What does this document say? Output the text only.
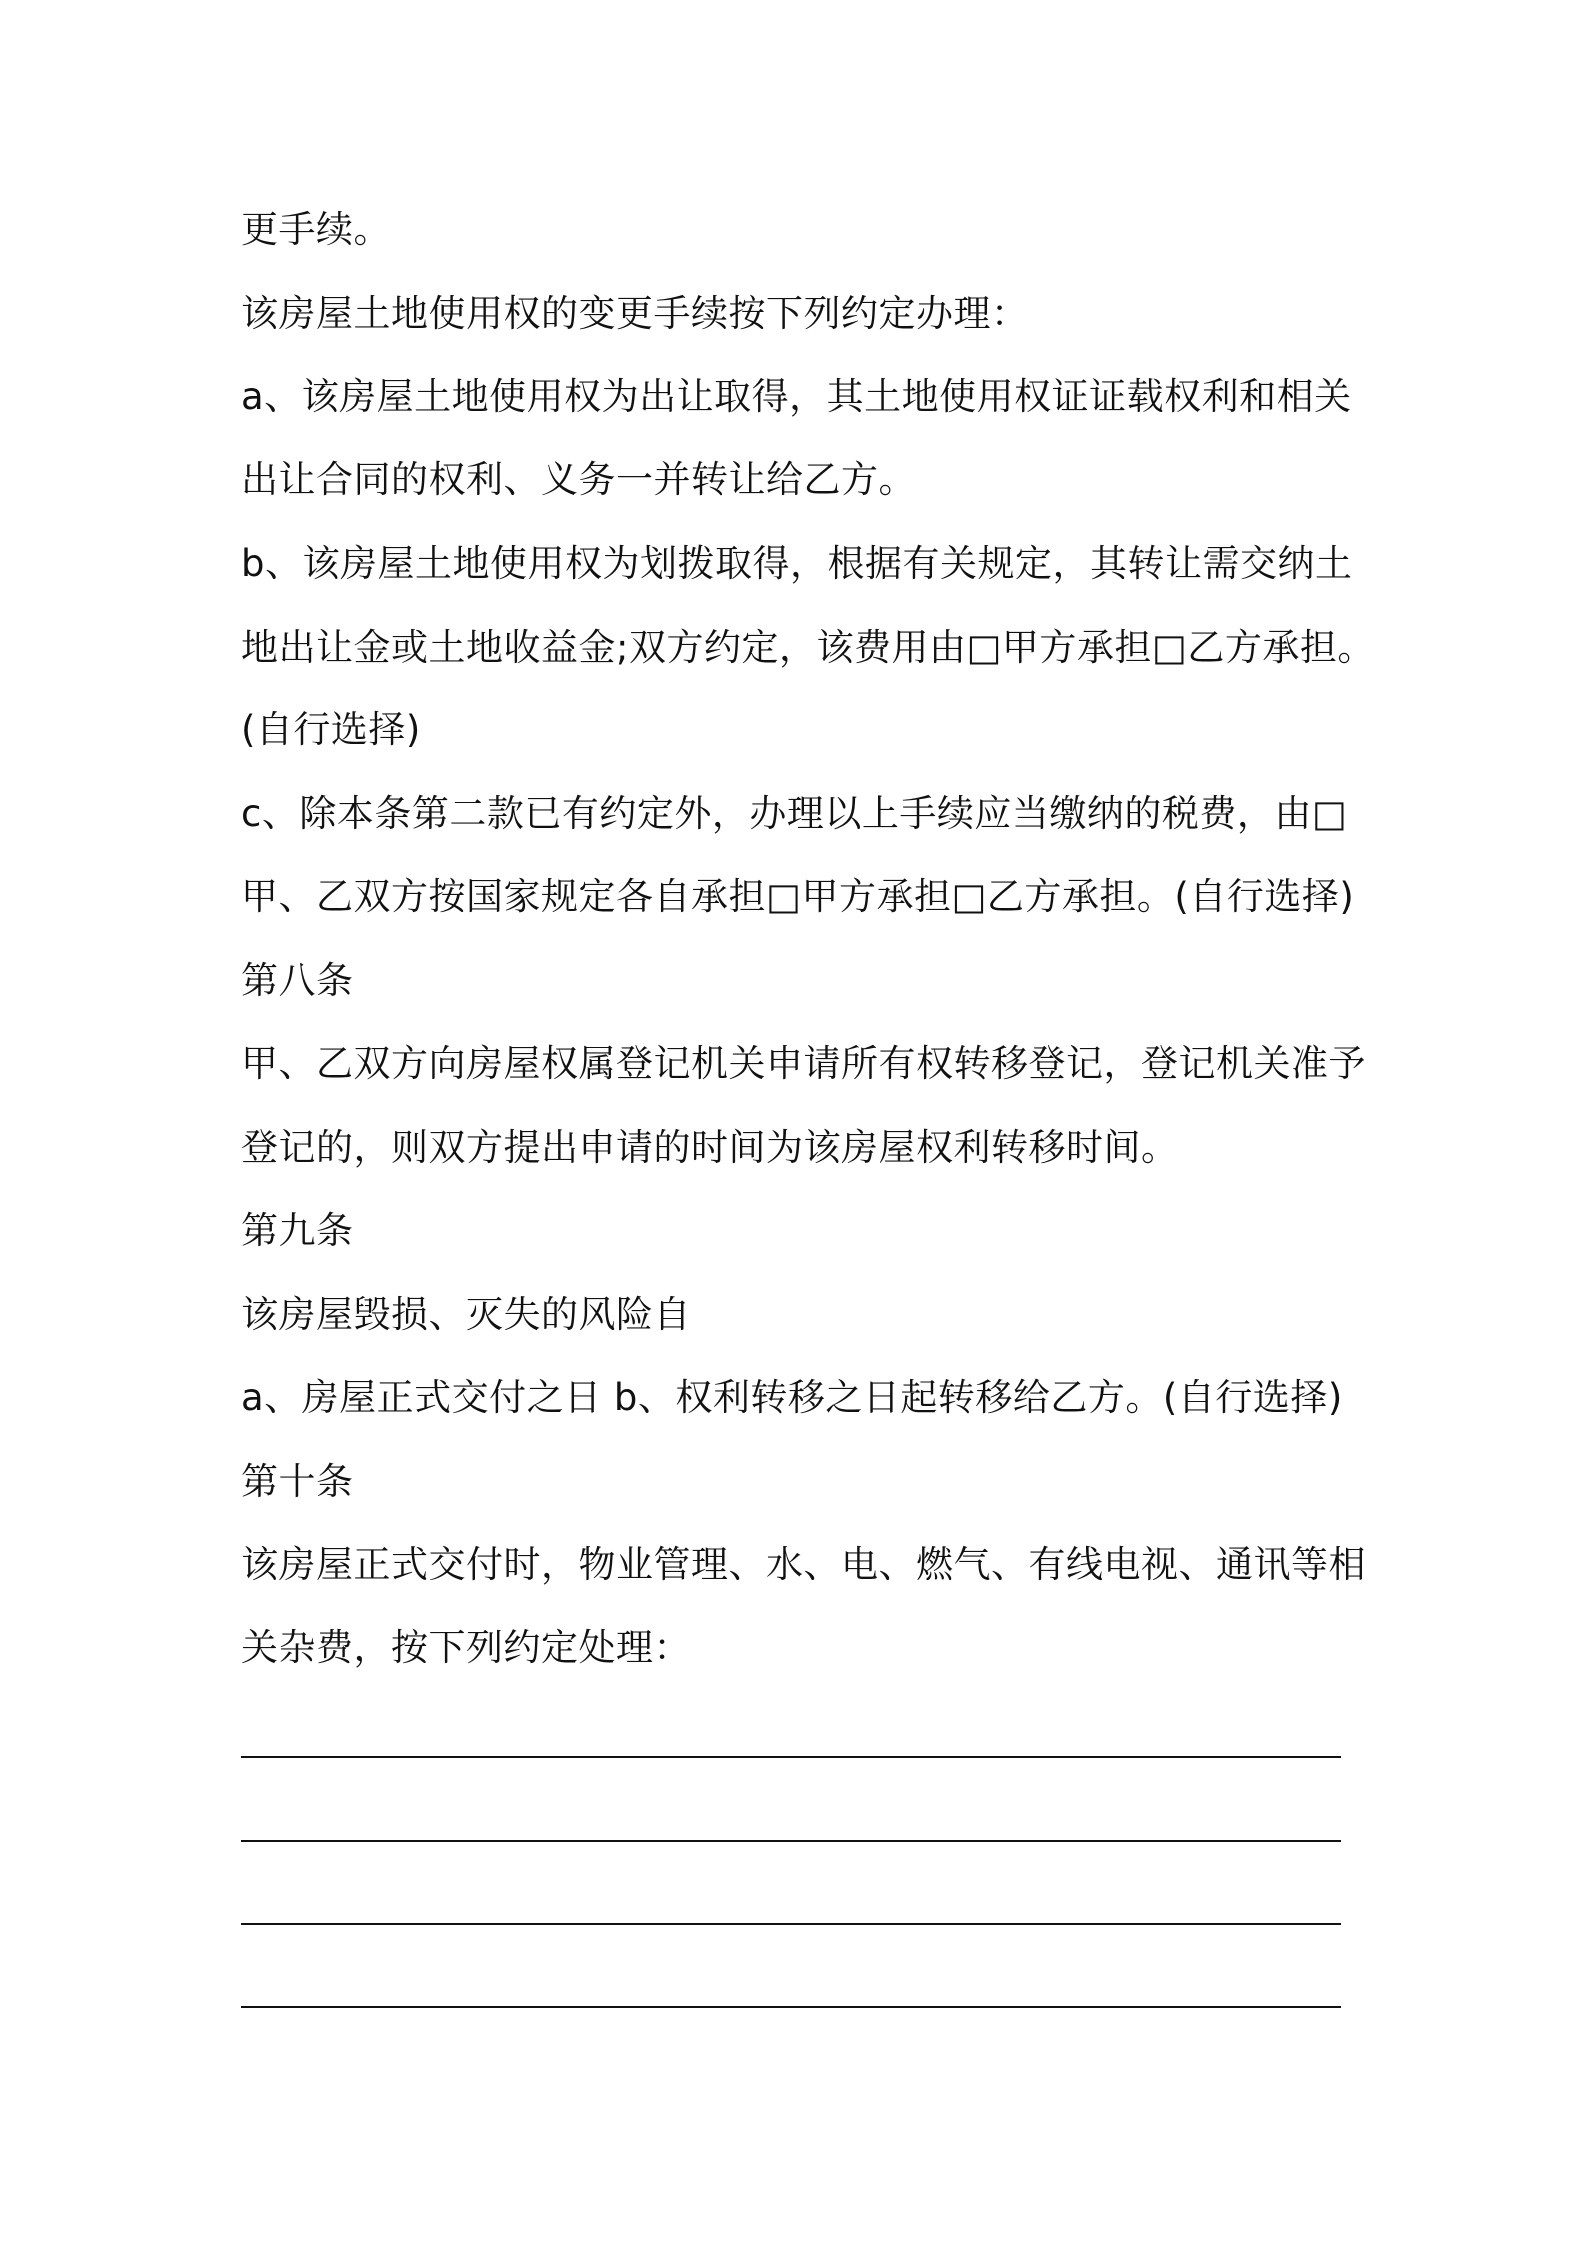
更手续。
该房屋土地使用权的变更手续按下列约定办理：
a、该房屋土地使用权为出让取得，其土地使用权证证载权利和相关
出让合同的权利、义务一并转让给乙方。
b、该房屋土地使用权为划拨取得，根据有关规定，其转让需交纳土
地出让金或土地收益金;双方约定，该费用由□甲方承担□乙方承担。
(自行选择)
c、除本条第二款已有约定外，办理以上手续应当缴纳的税费，由□
甲、乙双方按国家规定各自承担□甲方承担□乙方承担。(自行选择)
第八条
甲、乙双方向房屋权属登记机关申请所有权转移登记，登记机关准予
登记的，则双方提出申请的时间为该房屋权利转移时间。
第九条
该房屋毁损、灭失的风险自
a、房屋正式交付之日 b、权利转移之日起转移给乙方。(自行选择)
第十条
该房屋正式交付时，物业管理、水、电、燃气、有线电视、通讯等相
关杂费，按下列约定处理：
